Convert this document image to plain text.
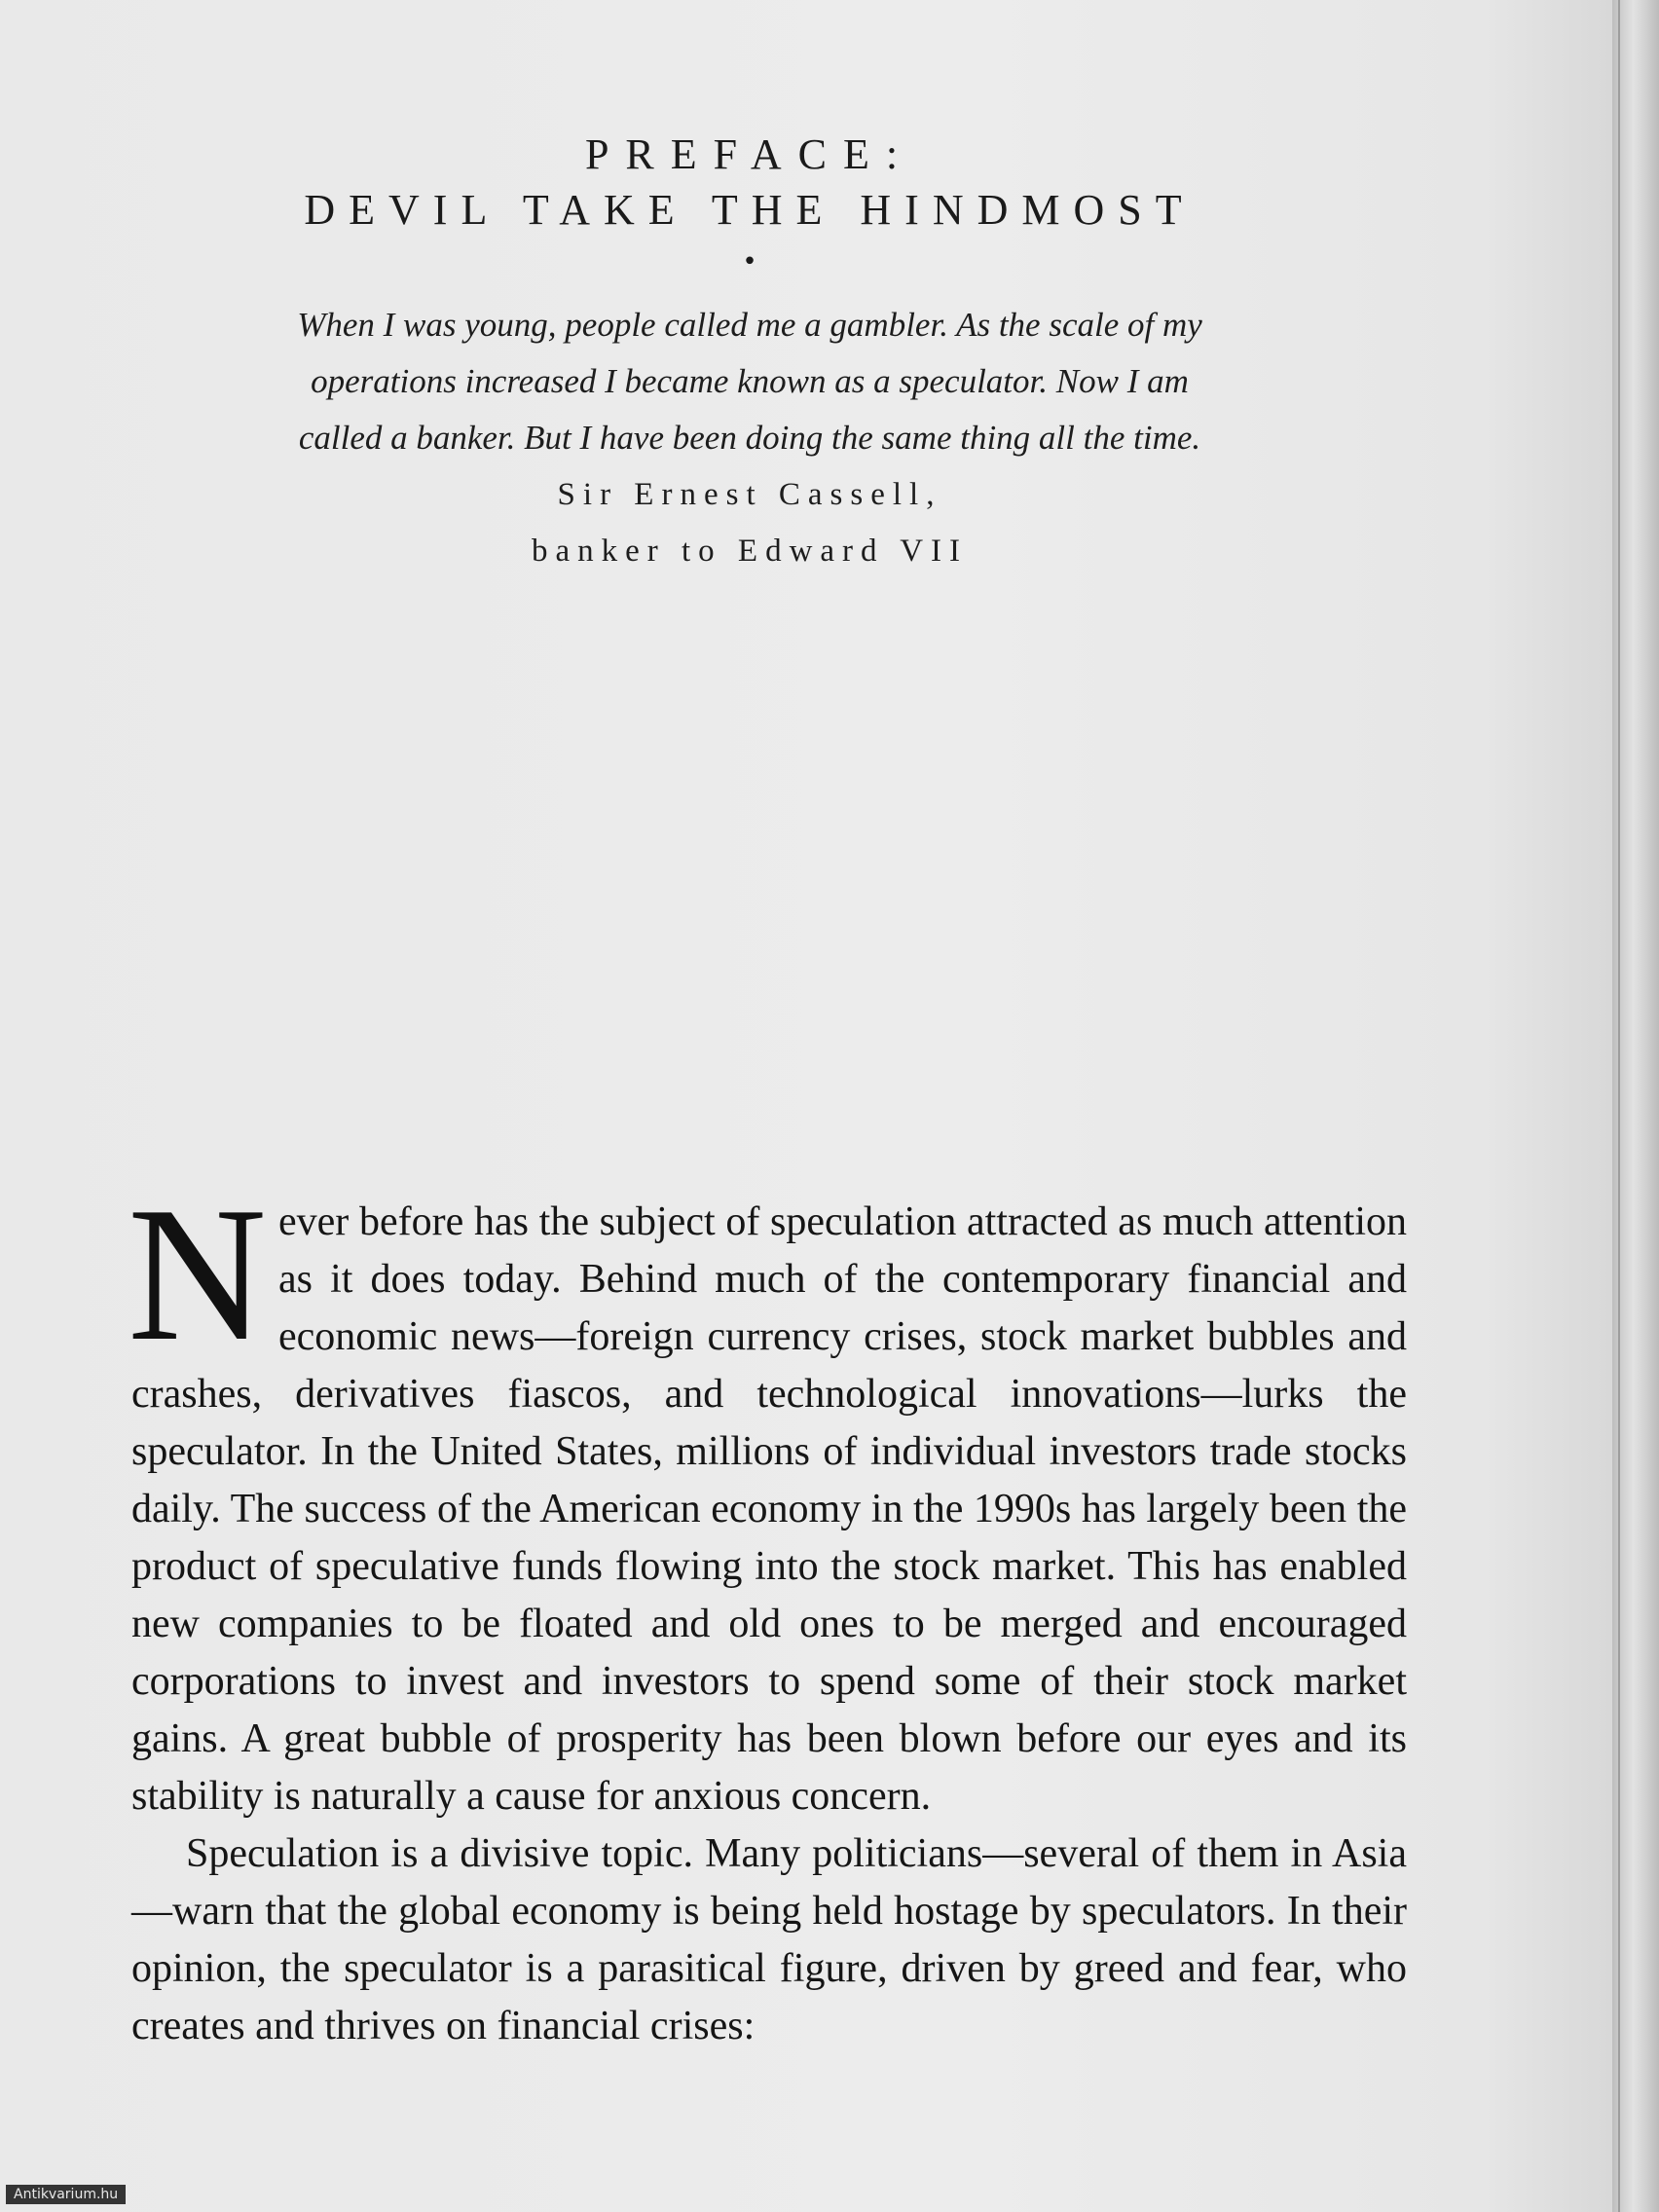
PREFACE:
DEVIL TAKE THE HINDMOST
•
When I was young, people called me a gambler. As the scale of my
operations increased I became known as a speculator. Now I am
called a banker. But I have been doing the same thing all the time.
Sir Ernest Cassell,
banker to Edward VII

Never before has the subject of speculation attracted as much attention as it does today. Behind much of the contemporary financial and economic news—foreign currency crises, stock market bubbles and crashes, derivatives fiascos, and technological innovations—lurks the speculator. In the United States, millions of individual investors trade stocks daily. The success of the American economy in the 1990s has largely been the product of speculative funds flowing into the stock market. This has enabled new companies to be floated and old ones to be merged and encouraged corporations to invest and investors to spend some of their stock market gains. A great bubble of prosperity has been blown before our eyes and its stability is naturally a cause for anxious concern.

Speculation is a divisive topic. Many politicians—several of them in Asia—warn that the global economy is being held hostage by speculators. In their opinion, the speculator is a parasitical figure, driven by greed and fear, who creates and thrives on financial crises:

Antikvarium.hu
